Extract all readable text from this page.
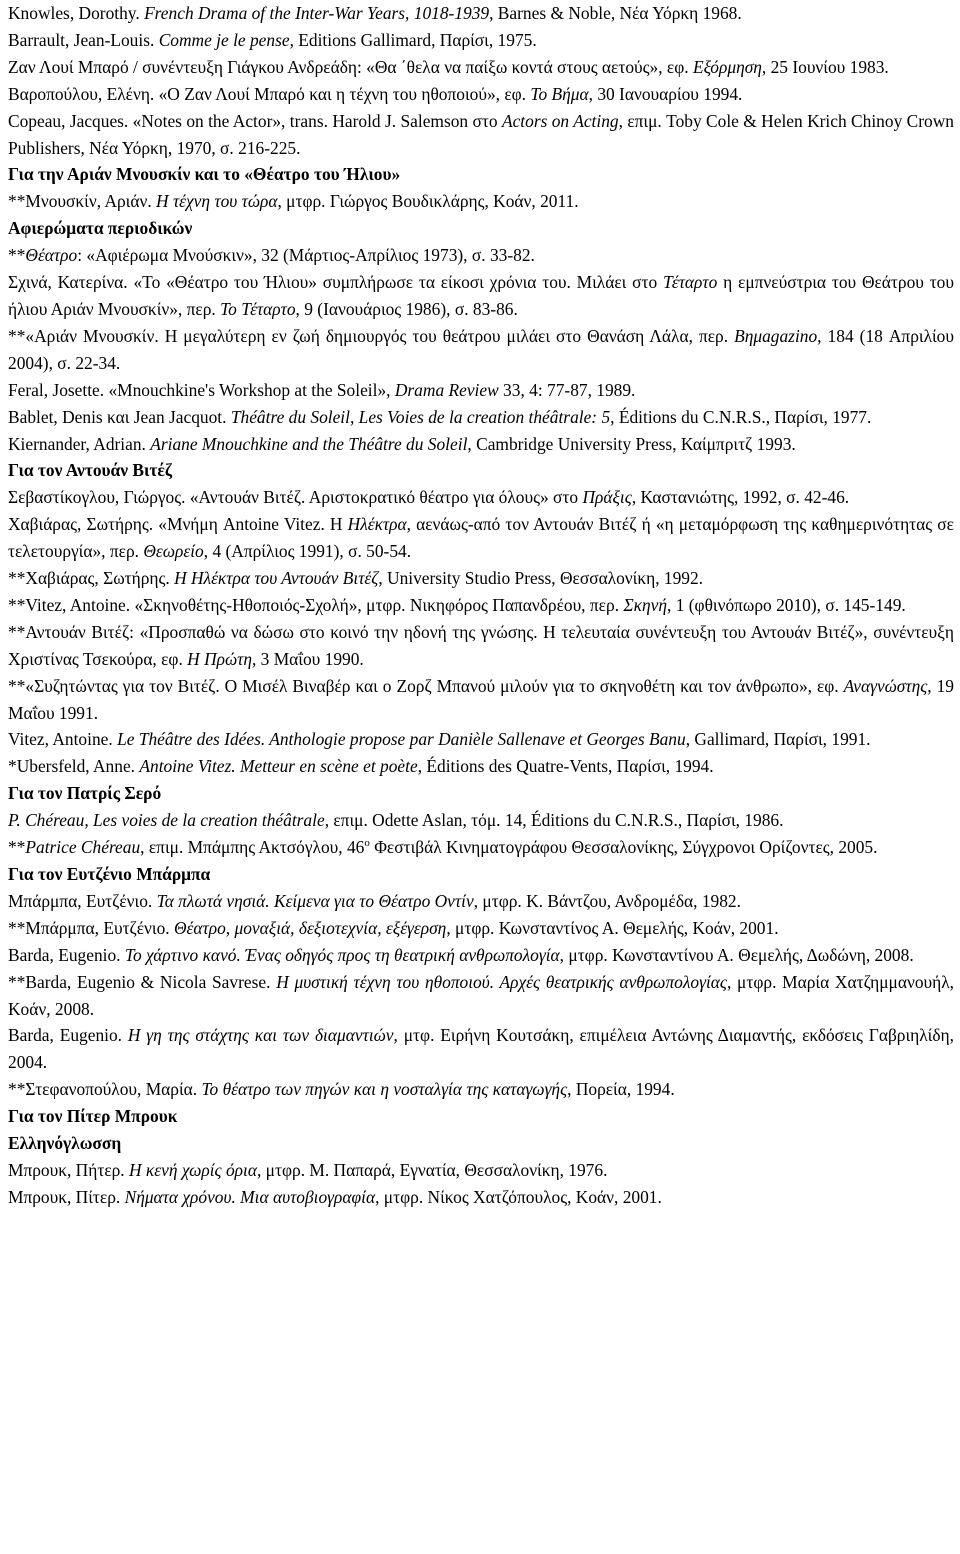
Knowles, Dorothy. French Drama of the Inter-War Years, 1018-1939, Barnes & Noble, Νέα Υόρκη 1968.

Barrault, Jean-Louis. Comme je le pense, Editions Gallimard, Παρίσι, 1975.

Ζαν Λουί Μπαρό / συνέντευξη Γιάγκου Ανδρεάδη: «Θα ΄θελα να παίξω κοντά στους αετούς», εφ. Εξόρμηση, 25 Ιουνίου 1983.

Βαροπούλου, Ελένη. «Ο Ζαν Λουί Μπαρό και η τέχνη του ηθοποιού», εφ. Το Βήμα, 30 Ιανουαρίου 1994.

Copeau, Jacques. «Notes on the Actor», trans. Harold J. Salemson στο Actors on Acting, επιμ. Toby Cole & Helen Krich Chinoy Crown Publishers, Νέα Υόρκη, 1970, σ. 216-225.

Για την Αριάν Μνουσκίν και το «Θέατρο του Ήλιου»

**Μνουσκίν, Αριάν. Η τέχνη του τώρα, μτφρ. Γιώργος Βουδικλάρης, Κοάν, 2011.

Αφιερώματα περιοδικών

**Θέατρο: «Αφιέρωμα Μνούσκιν», 32 (Μάρτιος-Απρίλιος 1973), σ. 33-82.

Σχινά, Κατερίνα. «Το «Θέατρο του Ήλιου» συμπλήρωσε τα είκοσι χρόνια του. Μιλάει στο Τέταρτο η εμπνεύστρια του Θεάτρου του ήλιου Αριάν Μνουσκίν», περ. Το Τέταρτο, 9 (Ιανουάριος 1986), σ. 83-86.

**«Αριάν Μνουσκίν. Η μεγαλύτερη εν ζωή δημιουργός του θεάτρου μιλάει στο Θανάση Λάλα, περ. Βημagazino, 184 (18 Απριλίου 2004), σ. 22-34.

Feral, Josette. «Mnouchkine's Workshop at the Soleil», Drama Review 33, 4: 77-87, 1989.

Bablet, Denis και Jean Jacquot. Théâtre du Soleil, Les Voies de la creation théâtrale: 5, Éditions du C.N.R.S., Παρίσι, 1977.

Kiernander, Adrian. Ariane Mnouchkine and the Théâtre du Soleil, Cambridge University Press, Καίμπριτζ 1993.

Για τον Αντουάν Βιτέζ

Σεβαστίκογλου, Γιώργος. «Αντουάν Βιτέζ. Αριστοκρατικό θέατρο για όλους» στο Πράξις, Καστανιώτης, 1992, σ. 42-46.

Χαβιάρας, Σωτήρης. «Μνήμη Antoine Vitez. Η Ηλέκτρα, αενάως-από τον Αντουάν Βιτέζ ή «η μεταμόρφωση της καθημερινότητας σε τελετουργία», περ. Θεωρείο, 4 (Απρίλιος 1991), σ. 50-54.

**Χαβιάρας, Σωτήρης. Η Ηλέκτρα του Αντουάν Βιτέζ, University Studio Press, Θεσσαλονίκη, 1992.

**Vitez, Antoine. «Σκηνοθέτης-Ηθοποιός-Σχολή», μτφρ. Νικηφόρος Παπανδρέου, περ. Σκηνή, 1 (φθινόπωρο 2010), σ. 145-149.

**Αντουάν Βιτέζ: «Προσπαθώ να δώσω στο κοινό την ηδονή της γνώσης. Η τελευταία συνέντευξη του Αντουάν Βιτέζ», συνέντευξη Χριστίνας Τσεκούρα, εφ. Η Πρώτη, 3 Μαΐου 1990.

**«Συζητώντας για τον Βιτέζ. Ο Μισέλ Βιναβέρ και ο Ζορζ Μπανού μιλούν για το σκηνοθέτη και τον άνθρωπο», εφ. Αναγνώστης, 19 Μαΐου 1991.

Vitez, Antoine. Le Théâtre des Idées. Anthologie propose par Danièle Sallenave et Georges Banu, Gallimard, Παρίσι, 1991.

*Ubersfeld, Anne. Antoine Vitez. Metteur en scène et poète, Éditions des Quatre-Vents, Παρίσι, 1994.

Για τον Πατρίς Σερό

P. Chéreau, Les voies de la creation théâtrale, επιμ. Odette Aslan, τόμ. 14, Éditions du C.N.R.S., Παρίσι, 1986.

**Patrice Chéreau, επιμ. Μπάμπης Ακτσόγλου, $46^o$ Φεστιβάλ Κινηματογράφου Θεσσαλονίκης, Σύγχρονοι Ορίζοντες, 2005.

Για τον Ευτζένιο Μπάρμπα

Μπάρμπα, Ευτζένιο. Τα πλωτά νησιά. Κείμενα για το Θέατρο Οντίν, μτφρ. Κ. Βάντζου, Ανδρομέδα, 1982.

**Μπάρμπα, Ευτζένιο. Θέατρο, μοναξιά, δεξιοτεχνία, εξέγερση, μτφρ. Κωνσταντίνος Α. Θεμελής, Κοάν, 2001.

Barda, Eugenio. Το χάρτινο κανό. Ένας οδηγός προς τη θεατρική ανθρωπολογία, μτφρ. Κωνσταντίνου Α. Θεμελής, Δωδώνη, 2008.

**Barda, Eugenio & Nicola Savrese. Η μυστική τέχνη του ηθοποιού. Αρχές θεατρικής ανθρωπολογίας, μτφρ. Μαρία Χατζημμανουήλ, Κοάν, 2008.

Barda, Eugenio. Η γη της στάχτης και των διαμαντιών, μτφ. Ειρήνη Κουτσάκη, επιμέλεια Αντώνης Διαμαντής, εκδόσεις Γαβριηλίδη, 2004.

**Στεφανοπούλου, Μαρία. Το θέατρο των πηγών και η νοσταλγία της καταγωγής, Πορεία, 1994.

Για τον Πίτερ Μπρουκ

Ελληνόγλωσση

Μπρουκ, Πήτερ. Η κενή χωρίς όρια, μτφρ. Μ. Παπαρά, Εγνατία, Θεσσαλονίκη, 1976.

Μπρουκ, Πίτερ. Νήματα χρόνου. Μια αυτοβιογραφία, μτφρ. Νίκος Χατζόπουλος, Κοάν, 2001.
